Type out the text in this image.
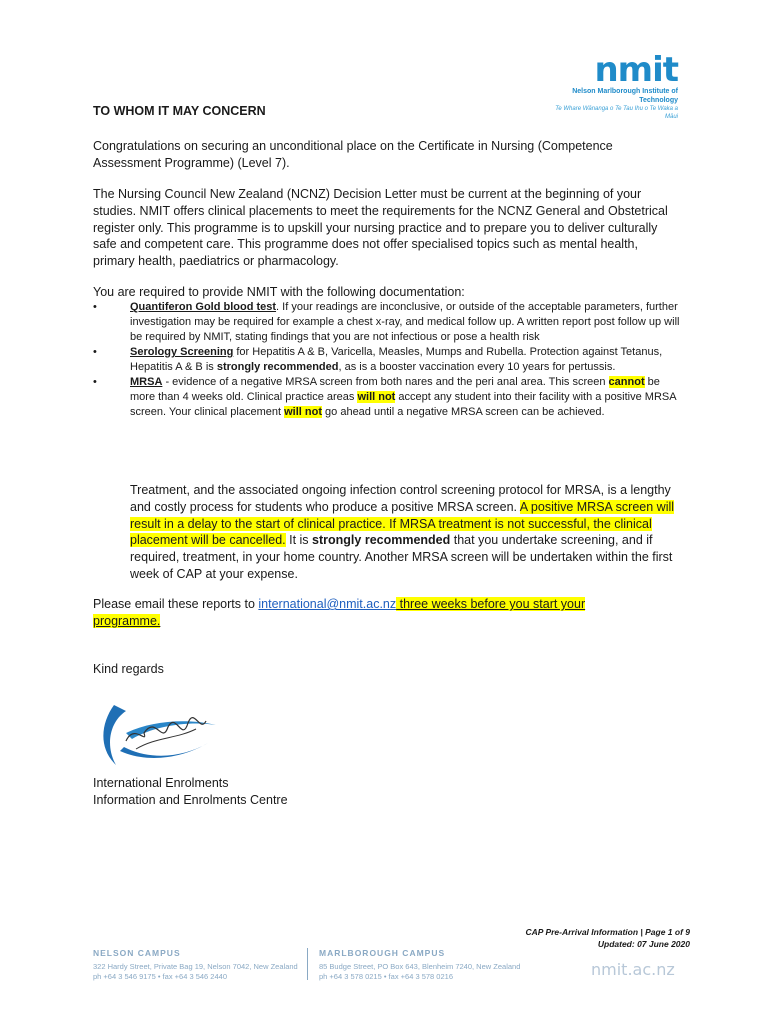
nmit
Nelson Marlborough Institute of Technology
Te Whare Wānanga o Te Tau Ihu o Te Waka a Māui
TO WHOM IT MAY CONCERN
Congratulations on securing an unconditional place on the Certificate in Nursing (Competence Assessment Programme) (Level 7).
The Nursing Council New Zealand (NCNZ) Decision Letter must be current at the beginning of your studies. NMIT offers clinical placements to meet the requirements for the NCNZ General and Obstetrical register only. This programme is to upskill your nursing practice and to prepare you to deliver culturally safe and competent care. This programme does not offer specialised topics such as mental health, primary health, paediatrics or pharmacology.
You are required to provide NMIT with the following documentation:
•	Quantiferon Gold blood test. If your readings are inconclusive, or outside of the acceptable parameters, further investigation may be required for example a chest x-ray, and medical follow up. A written report post follow up will be required by NMIT, stating findings that you are not infectious or pose a health risk
•	Serology Screening for Hepatitis A & B, Varicella, Measles, Mumps and Rubella. Protection against Tetanus, Hepatitis A & B is strongly recommended, as is a booster vaccination every 10 years for pertussis.
•	MRSA - evidence of a negative MRSA screen from both nares and the peri anal area. This screen cannot be more than 4 weeks old. Clinical practice areas will not accept any student into their facility with a positive MRSA screen. Your clinical placement will not go ahead until a negative MRSA screen can be achieved.
Treatment, and the associated ongoing infection control screening protocol for MRSA, is a lengthy and costly process for students who produce a positive MRSA screen. A positive MRSA screen will result in a delay to the start of clinical practice. If MRSA treatment is not successful, the clinical placement will be cancelled. It is strongly recommended that you undertake screening, and if required, treatment, in your home country. Another MRSA screen will be undertaken within the first week of CAP at your expense.
Please email these reports to international@nmit.ac.nz three weeks before you start your programme.
Kind regards
International Enrolments
Information and Enrolments Centre
CAP Pre-Arrival Information | Page 1 of 9
Updated: 07 June 2020
NELSON CAMPUS
322 Hardy Street, Private Bag 19, Nelson 7042, New Zealand
ph +64 3 546 9175 • fax +64 3 546 2440
MARLBOROUGH CAMPUS
85 Budge Street, PO Box 643, Blenheim 7240, New Zealand
ph +64 3 578 0215 • fax +64 3 578 0216	nmit.ac.nz
